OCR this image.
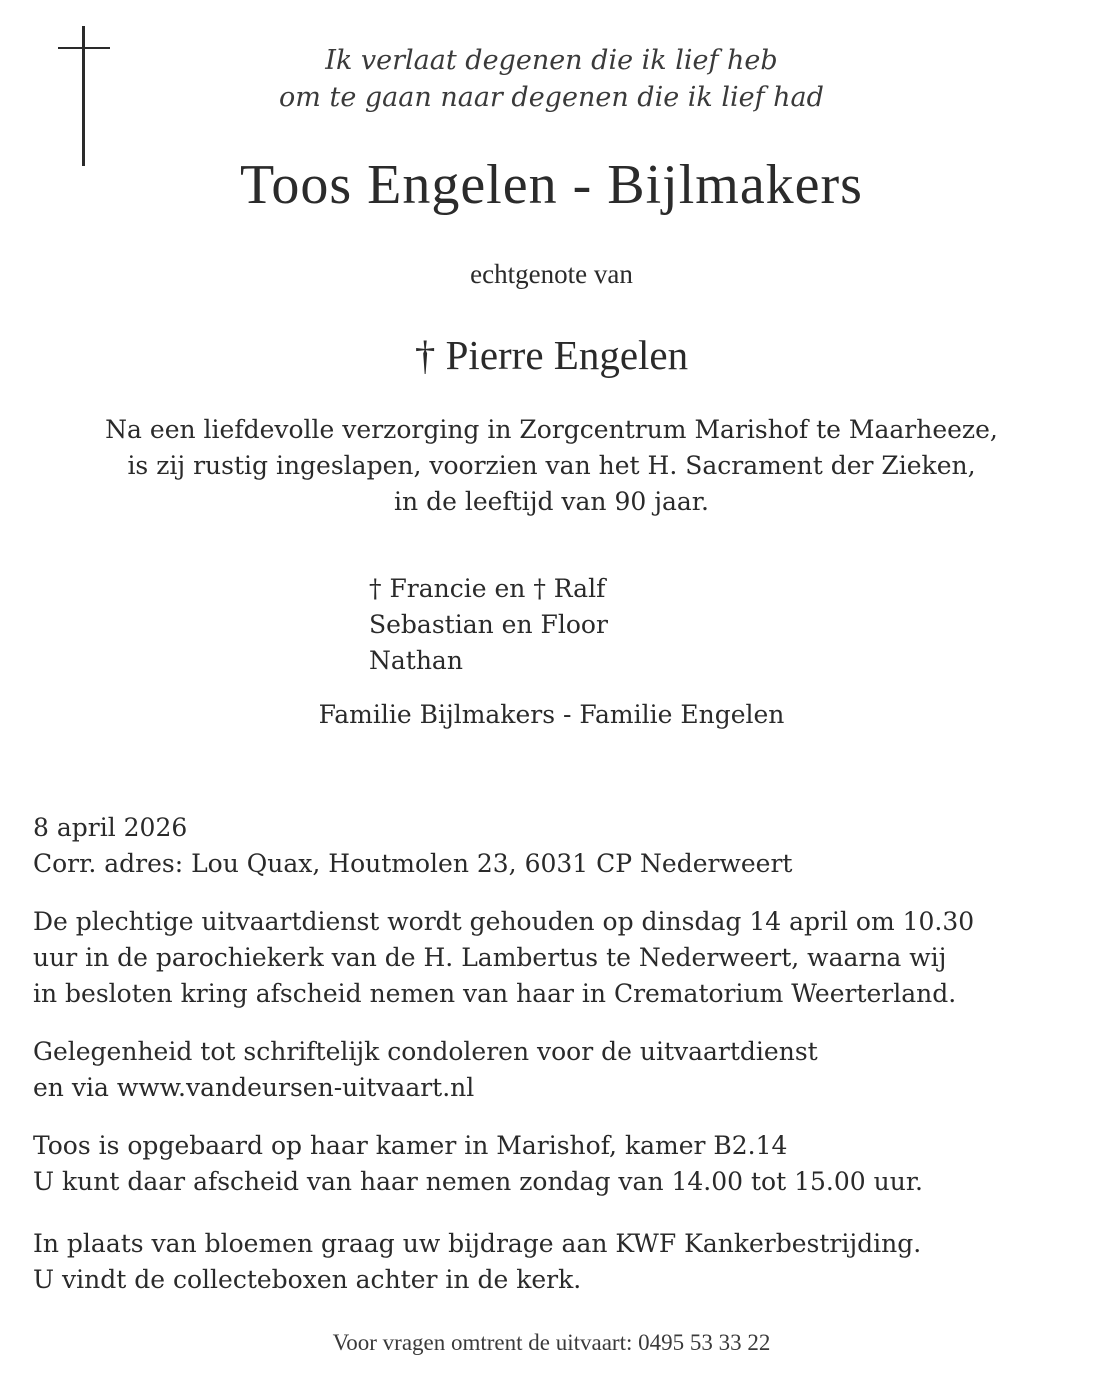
Ik verlaat degenen die ik lief heb
om te gaan naar degenen die ik lief had
Toos Engelen - Bijlmakers
echtgenote van
† Pierre Engelen
Na een liefdevolle verzorging in Zorgcentrum Marishof te Maarheeze,
is zij rustig ingeslapen, voorzien van het H. Sacrament der Zieken,
in de leeftijd van 90 jaar.
† Francie en † Ralf
Sebastian en Floor
Nathan
Familie Bijlmakers - Familie Engelen
8 april 2026
Corr. adres: Lou Quax, Houtmolen 23, 6031 CP Nederweert
De plechtige uitvaartdienst wordt gehouden op dinsdag 14 april om 10.30
uur in de parochiekerk van de H. Lambertus te Nederweert, waarna wij
in besloten kring afscheid nemen van haar in Crematorium Weerterland.
Gelegenheid tot schriftelijk condoleren voor de uitvaartdienst
en via www.vandeursen-uitvaart.nl
Toos is opgebaard op haar kamer in Marishof, kamer B2.14
U kunt daar afscheid van haar nemen zondag van 14.00 tot 15.00 uur.
In plaats van bloemen graag uw bijdrage aan KWF Kankerbestrijding.
U vindt de collecteboxen achter in de kerk.
Voor vragen omtrent de uitvaart: 0495 53 33 22
